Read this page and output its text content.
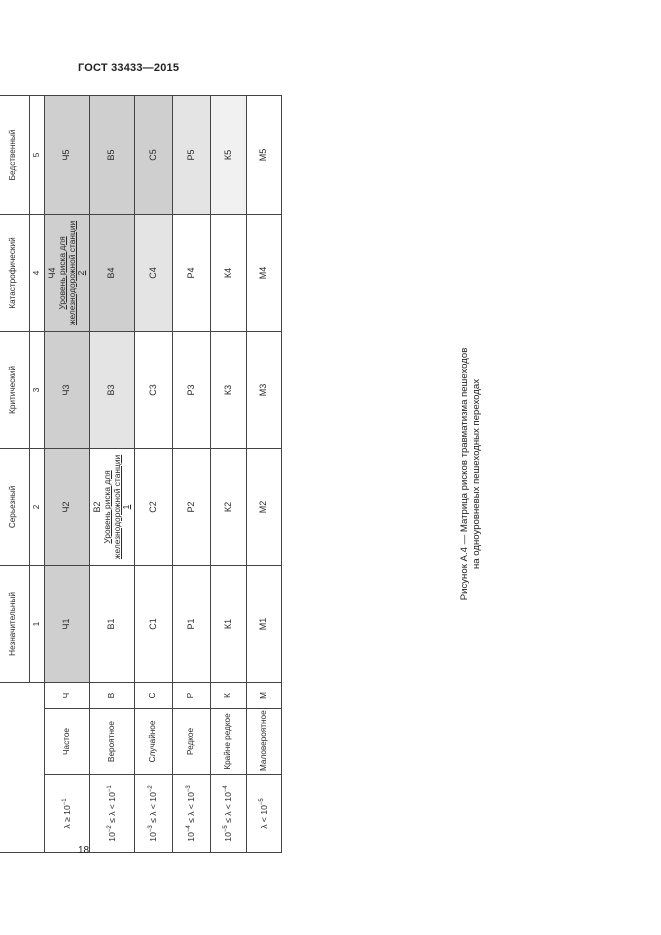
ГОСТ 33433—2015

			Незначительный	Серьезный	Критический	Катастрофический	Бедственный
			1	2	3	4	5
$\lambda \ge 10^{-1}$	Частое	Ч	Ч1	Ч2	Ч3	Ч4 Уровень риска для железнодорожной станции 2	Ч5
$10^{-2} \le \lambda < 10^{-1}$	Вероятное	В	В1	В2 Уровень риска для железнодорожной станции 1	В3	В4	В5
$10^{-3} \le \lambda < 10^{-2}$	Случайное	С	С1	С2	С3	С4	С5
$10^{-4} \le \lambda < 10^{-3}$	Редкое	Р	Р1	Р2	Р3	Р4	Р5
$10^{-5} \le \lambda < 10^{-4}$	Крайне редкое	К	К1	К2	К3	К4	К5
$\lambda < 10^{-5}$	Маловероятное	М	М1	М2	М3	М4	М5
Рисунок А.4 — Матрица рисков травматизма пешеходов на одноуровневых пешеходных переходах
18
